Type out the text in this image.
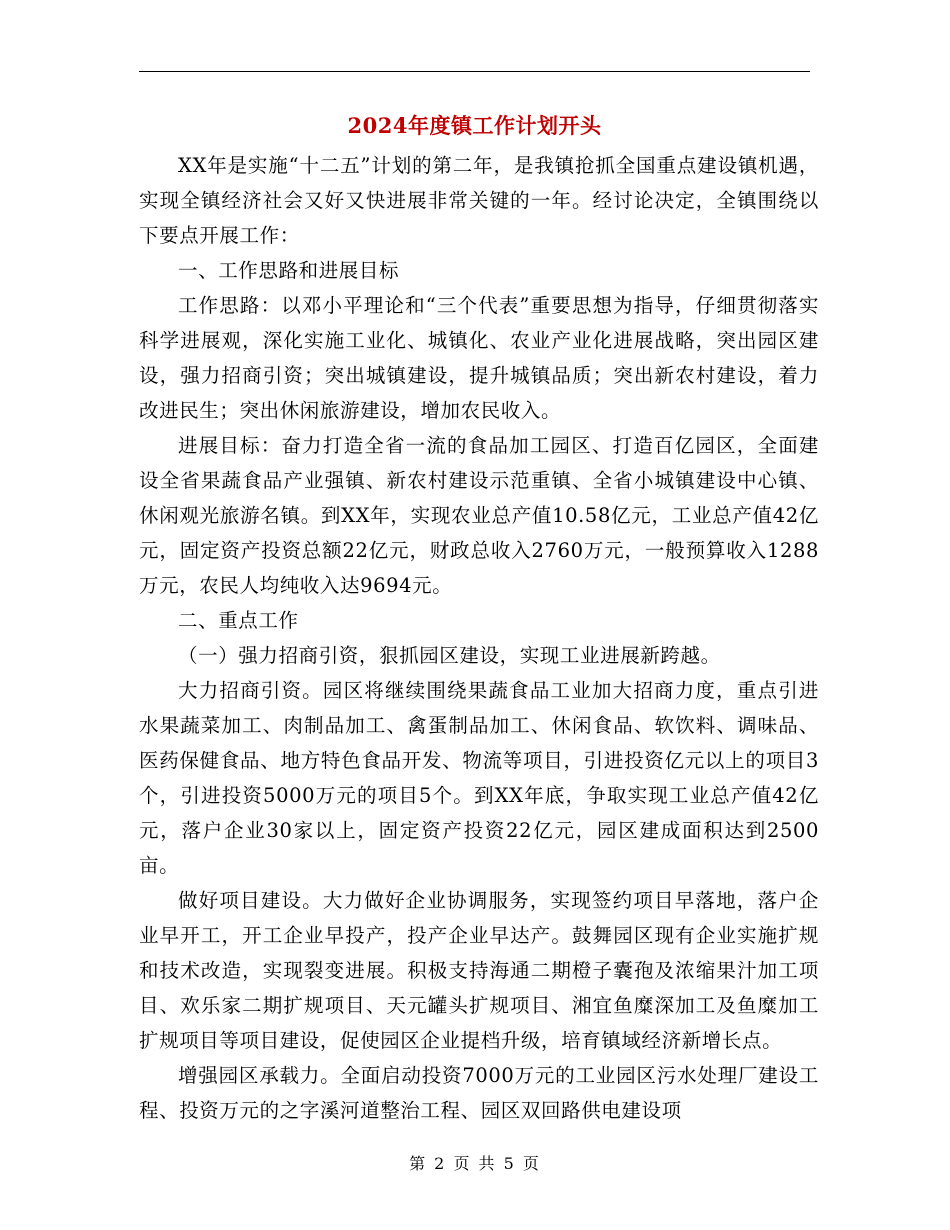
2024年度镇工作计划开头

XX年是实施“十二五”计划的第二年，是我镇抢抓全国重点建设镇机遇，实现全镇经济社会又好又快进展非常关键的一年。经讨论决定，全镇围绕以下要点开展工作：

一、工作思路和进展目标

工作思路：以邓小平理论和“三个代表”重要思想为指导，仔细贯彻落实科学进展观，深化实施工业化、城镇化、农业产业化进展战略，突出园区建设，强力招商引资；突出城镇建设，提升城镇品质；突出新农村建设，着力改进民生；突出休闲旅游建设，增加农民收入。

进展目标：奋力打造全省一流的食品加工园区、打造百亿园区，全面建设全省果蔬食品产业强镇、新农村建设示范重镇、全省小城镇建设中心镇、休闲观光旅游名镇。到XX年，实现农业总产值10.58亿元，工业总产值42亿元，固定资产投资总额22亿元，财政总收入2760万元，一般预算收入1288万元，农民人均纯收入达9694元。

二、重点工作

（一）强力招商引资，狠抓园区建设，实现工业进展新跨越。

大力招商引资。园区将继续围绕果蔬食品工业加大招商力度，重点引进水果蔬菜加工、肉制品加工、禽蛋制品加工、休闲食品、软饮料、调味品、医药保健食品、地方特色食品开发、物流等项目，引进投资亿元以上的项目3个，引进投资5000万元的项目5个。到XX年底，争取实现工业总产值42亿元，落户企业30家以上，固定资产投资22亿元，园区建成面积达到2500亩。

做好项目建设。大力做好企业协调服务，实现签约项目早落地，落户企业早开工，开工企业早投产，投产企业早达产。鼓舞园区现有企业实施扩规和技术改造，实现裂变进展。积极支持海通二期橙子囊孢及浓缩果汁加工项目、欢乐家二期扩规项目、天元罐头扩规项目、湘宜鱼糜深加工及鱼糜加工扩规项目等项目建设，促使园区企业提档升级，培育镇域经济新增长点。

增强园区承载力。全面启动投资7000万元的工业园区污水处理厂建设工程、投资万元的之字溪河道整治工程、园区双回路供电建设项

第 2 页 共 5 页
